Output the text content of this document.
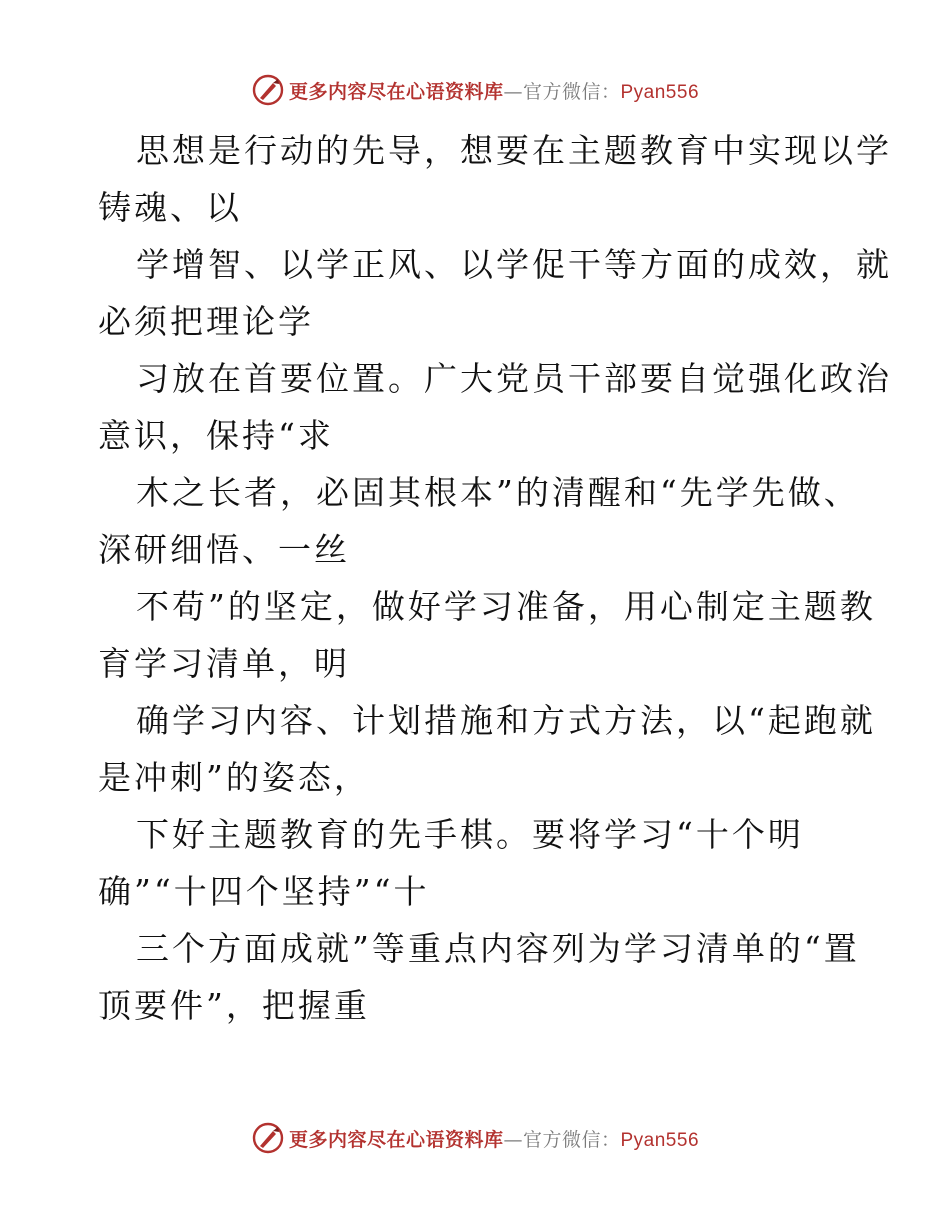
更多内容尽在心语资料库—官方微信：Pyan556

思想是行动的先导，想要在主题教育中实现以学
铸魂、以

学增智、以学正风、以学促干等方面的成效，就
必须把理论学

习放在首要位置。广大党员干部要自觉强化政治
意识，保持“求

木之长者，必固其根本”的清醒和“先学先做、
深研细悟、一丝

不苟”的坚定，做好学习准备，用心制定主题教
育学习清单，明

确学习内容、计划措施和方式方法，以“起跑就
是冲刺”的姿态，

下好主题教育的先手棋。要将学习“十个明
确”“十四个坚持”“十

三个方面成就”等重点内容列为学习清单的“置
顶要件”，把握重

更多内容尽在心语资料库—官方微信：Pyan556
